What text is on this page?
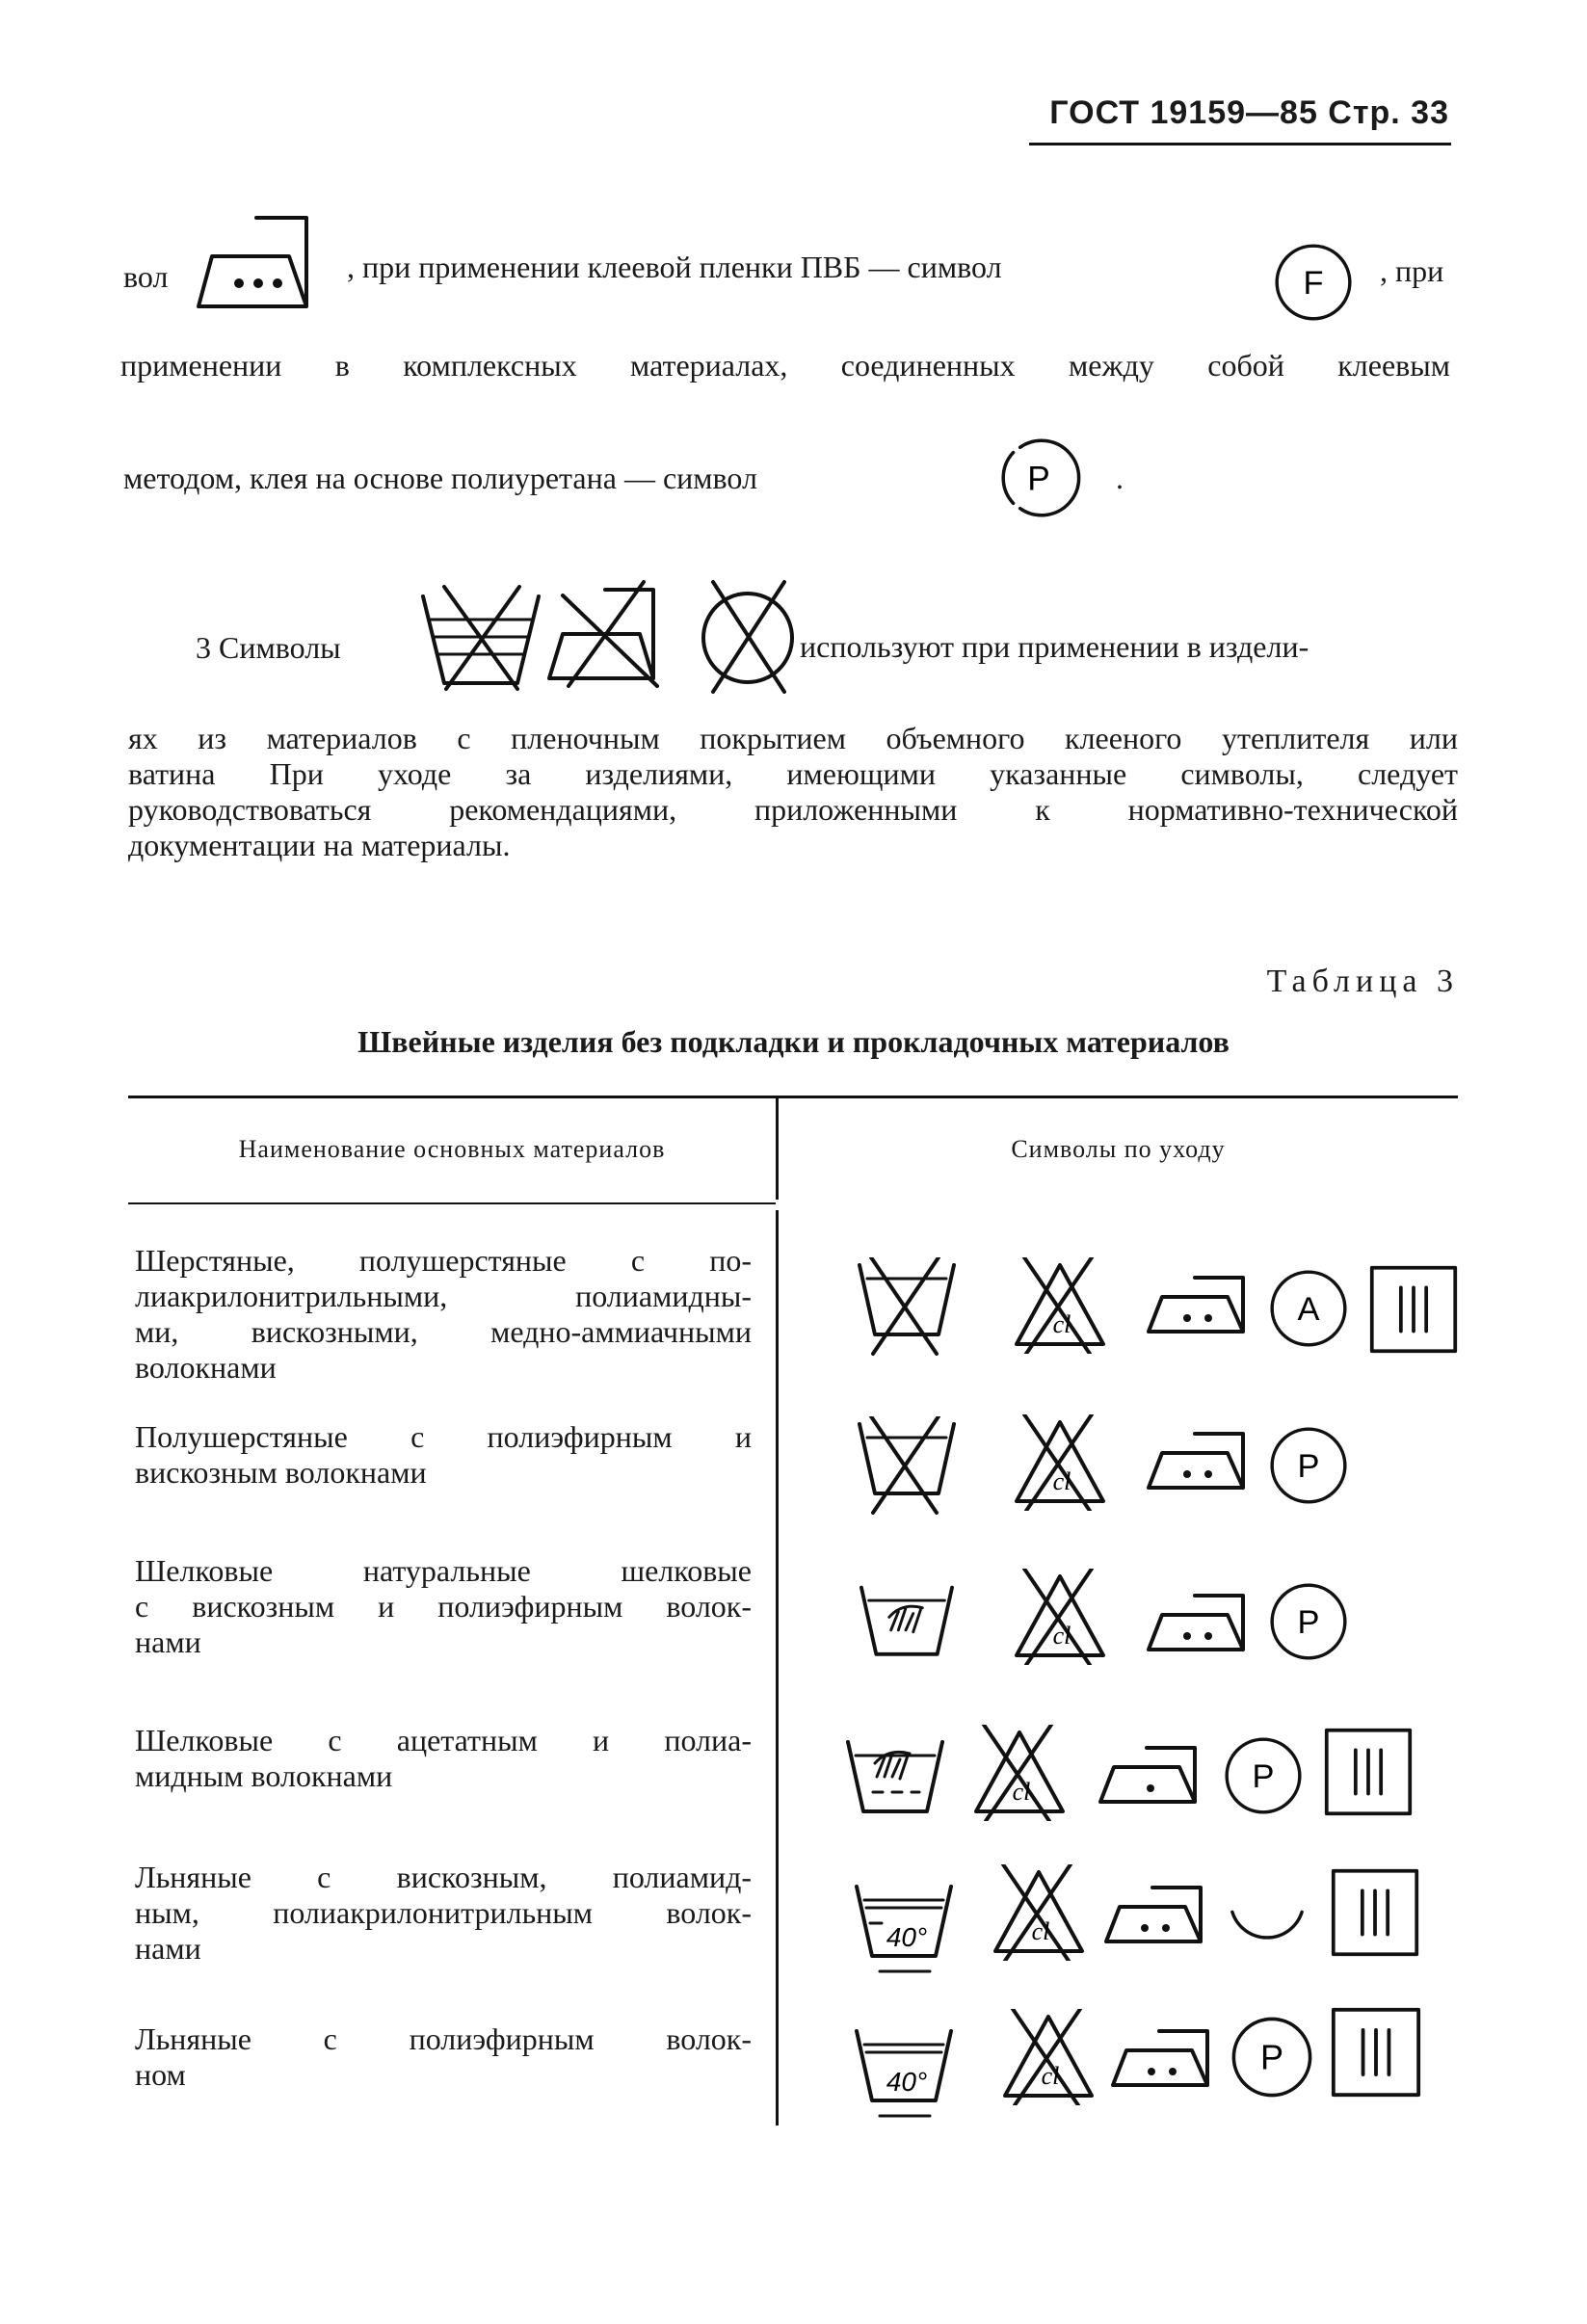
ГОСТ 19159—85 Стр. 33
вол	, при применении клеевой пленки ПВБ — символ	F , при
применении в комплексных материалах, соединенных между собой клеевым
методом, клея на основе полиуретана — символ	P .
3 Символы	используют при применении в издели-
ях из материалов с пленочным покрытием объемного клееного утеплителя или
ватина При уходе за изделиями, имеющими указанные символы, следует
руководствоваться рекомендациями, приложенными к нормативно-технической
документации на материалы.
Таблица 3
Швейные изделия без подкладки и прокладочных материалов
Наименование основных материалов	Символы по уходу
Шерстяные, полушерстяные с по-
лиакрилонитрильными, полиамидны-
ми, вискозными, медно-аммиачными
волокнами
cl	A
Полушерстяные с полиэфирным и
вискозным волокнами	cl	P
Шелковые натуральные шелковые
с вискозным и полиэфирным волок-
нами	cl	P
Шелковые с ацетатным и полиа-
мидным волокнами	cl	P
Льняные с вискозным, полиамид-
ным, полиакрилонитрильным волок-
нами	40°	cl
Льняные с полиэфирным волок-
ном	40°	cl	P
